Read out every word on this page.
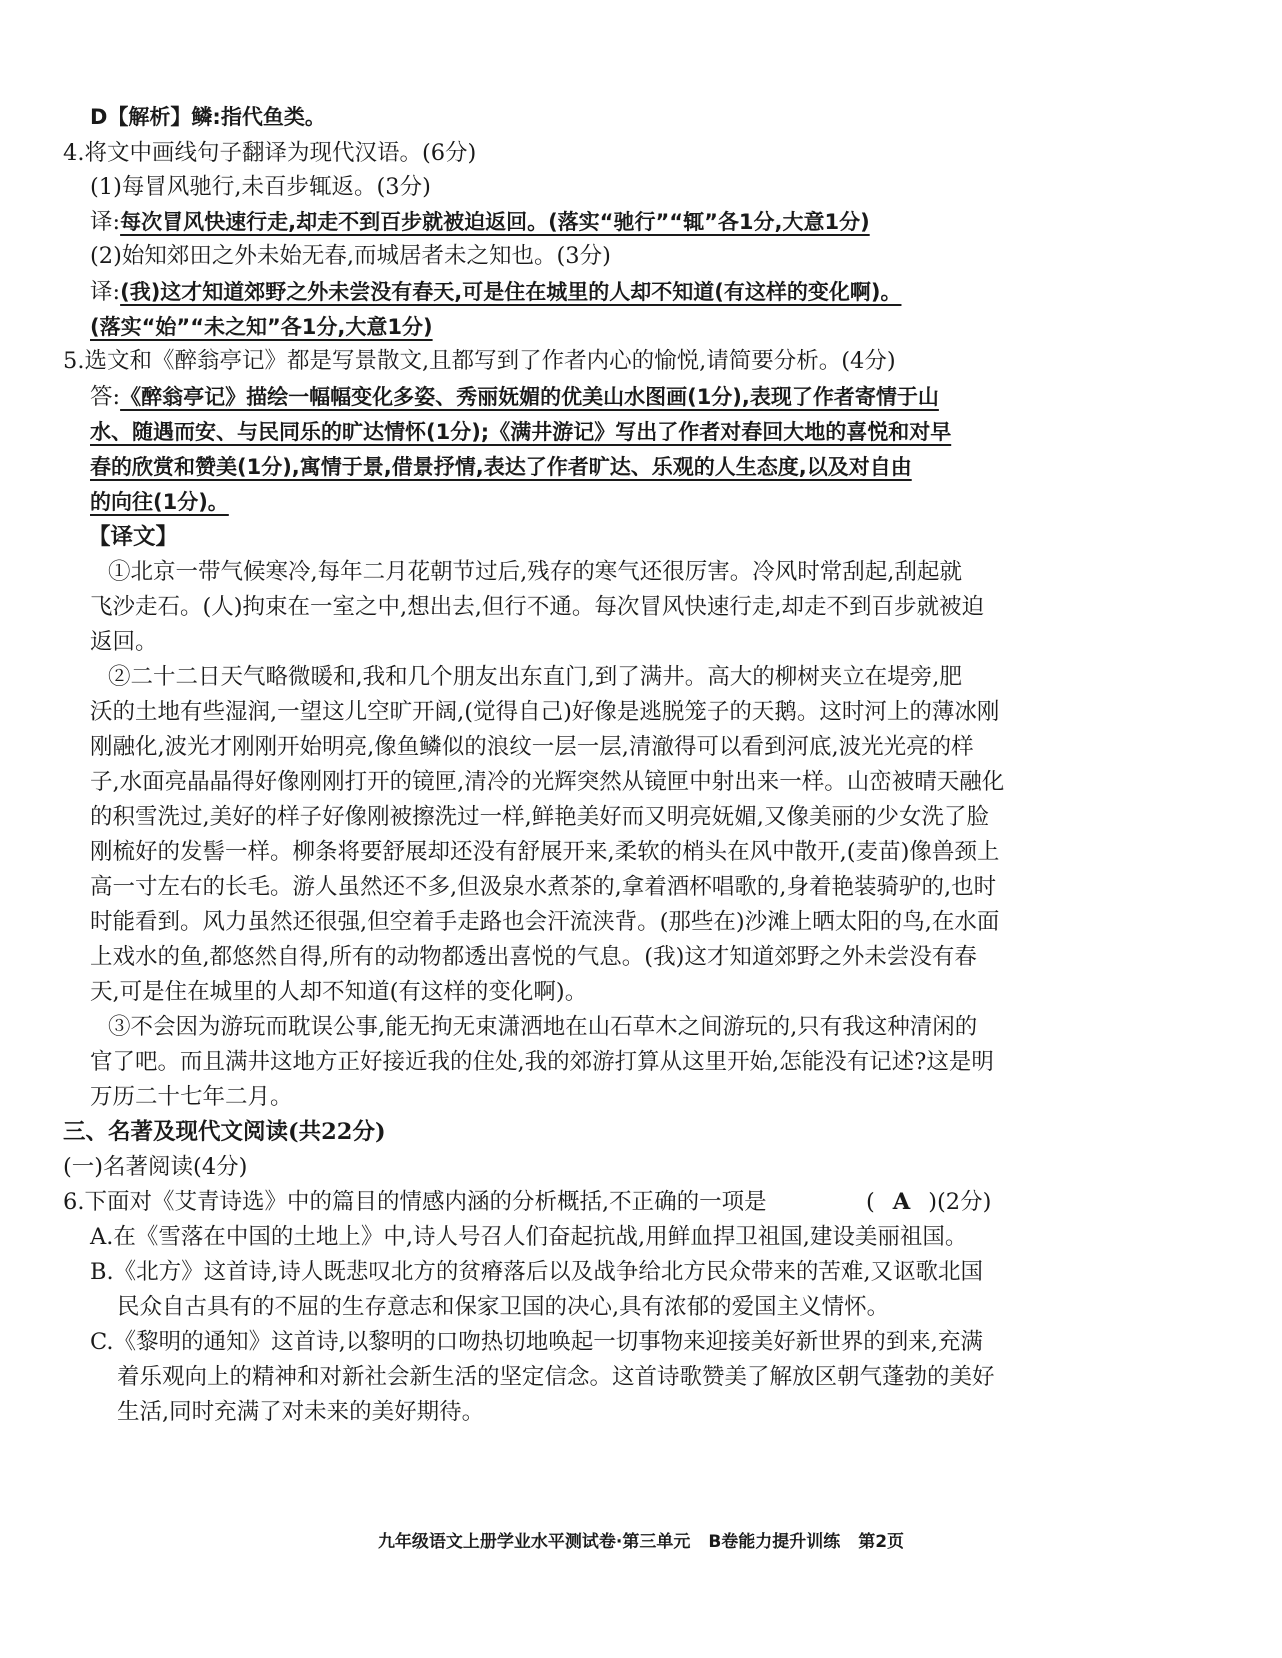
D【解析】鳞:指代鱼类。
4.将文中画线句子翻译为现代汉语。(6分)
(1)每冒风驰行,未百步辄返。(3分)
译:每次冒风快速行走,却走不到百步就被迫返回。(落实“驰行”“辄”各1分,大意1分)
(2)始知郊田之外未始无春,而城居者未之知也。(3分)
译:(我)这才知道郊野之外未尝没有春天,可是住在城里的人却不知道(有这样的变化啊)。
(落实“始”“未之知”各1分,大意1分)
5.选文和《醉翁亭记》都是写景散文,且都写到了作者内心的愉悦,请简要分析。(4分)
答:《醉翁亭记》描绘一幅幅变化多姿、秀丽妩媚的优美山水图画(1分),表现了作者寄情于山
水、随遇而安、与民同乐的旷达情怀(1分);《满井游记》写出了作者对春回大地的喜悦和对早
春的欣赏和赞美(1分),寓情于景,借景抒情,表达了作者旷达、乐观的人生态度,以及对自由
的向往(1分)。
【译文】
①北京一带气候寒冷,每年二月花朝节过后,残存的寒气还很厉害。冷风时常刮起,刮起就
飞沙走石。(人)拘束在一室之中,想出去,但行不通。每次冒风快速行走,却走不到百步就被迫
返回。
②二十二日天气略微暖和,我和几个朋友出东直门,到了满井。高大的柳树夹立在堤旁,肥
沃的土地有些湿润,一望这儿空旷开阔,(觉得自己)好像是逃脱笼子的天鹅。这时河上的薄冰刚
刚融化,波光才刚刚开始明亮,像鱼鳞似的浪纹一层一层,清澈得可以看到河底,波光光亮的样
子,水面亮晶晶得好像刚刚打开的镜匣,清冷的光辉突然从镜匣中射出来一样。山峦被晴天融化
的积雪洗过,美好的样子好像刚被擦洗过一样,鲜艳美好而又明亮妩媚,又像美丽的少女洗了脸
刚梳好的发髻一样。柳条将要舒展却还没有舒展开来,柔软的梢头在风中散开,(麦苗)像兽颈上
高一寸左右的长毛。游人虽然还不多,但汲泉水煮茶的,拿着酒杯唱歌的,身着艳装骑驴的,也时
时能看到。风力虽然还很强,但空着手走路也会汗流浃背。(那些在)沙滩上晒太阳的鸟,在水面
上戏水的鱼,都悠然自得,所有的动物都透出喜悦的气息。(我)这才知道郊野之外未尝没有春
天,可是住在城里的人却不知道(有这样的变化啊)。
③不会因为游玩而耽误公事,能无拘无束潇洒地在山石草木之间游玩的,只有我这种清闲的
官了吧。而且满井这地方正好接近我的住处,我的郊游打算从这里开始,怎能没有记述?这是明
万历二十七年二月。
三、名著及现代文阅读(共22分)
(一)名著阅读(4分)
6.下面对《艾青诗选》中的篇目的情感内涵的分析概括,不正确的一项是	( A )(2分)
A.在《雪落在中国的土地上》中,诗人号召人们奋起抗战,用鲜血捍卫祖国,建设美丽祖国。
B.《北方》这首诗,诗人既悲叹北方的贫瘠落后以及战争给北方民众带来的苦难,又讴歌北国
民众自古具有的不屈的生存意志和保家卫国的决心,具有浓郁的爱国主义情怀。
C.《黎明的通知》这首诗,以黎明的口吻热切地唤起一切事物来迎接美好新世界的到来,充满
着乐观向上的精神和对新社会新生活的坚定信念。这首诗歌赞美了解放区朝气蓬勃的美好
生活,同时充满了对未来的美好期待。
九年级语文上册学业水平测试卷·第三单元 B卷能力提升训练 第2页
